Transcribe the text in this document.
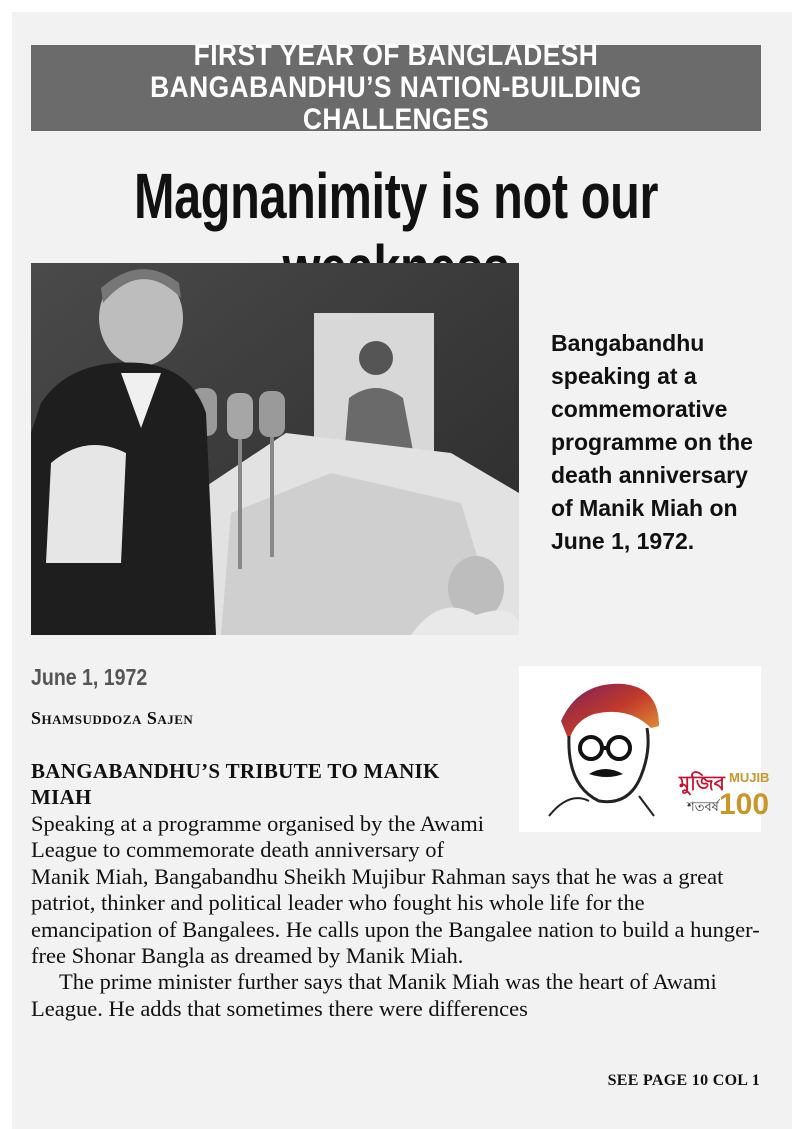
FIRST YEAR OF BANGLADESH
BANGABANDHU’S NATION-BUILDING CHALLENGES
Magnanimity is not our
Bangabandhu speaking at a commemorative programme on the death anniversary of Manik Miah on June 1, 1972.
June 1, 1972
Shamsuddoza Sajen
মুজিব
শতবর্ষ
MUJIB
100
BANGABANDHU’S TRIBUTE TO MANIK MIAH

Speaking at a programme organised by the Awami League to commemorate death anniversary of Manik Miah, Bangabandhu Sheikh Mujibur Rahman says that he was a great patriot, thinker and political leader who fought his whole life for the emancipation of Bangalees. He calls upon the Bangalee nation to build a hunger-free Shonar Bangla as dreamed by Manik Miah.

The prime minister further says that Manik Miah was the heart of Awami League. He adds that sometimes there were differences

SEE PAGE 10 COL 1
